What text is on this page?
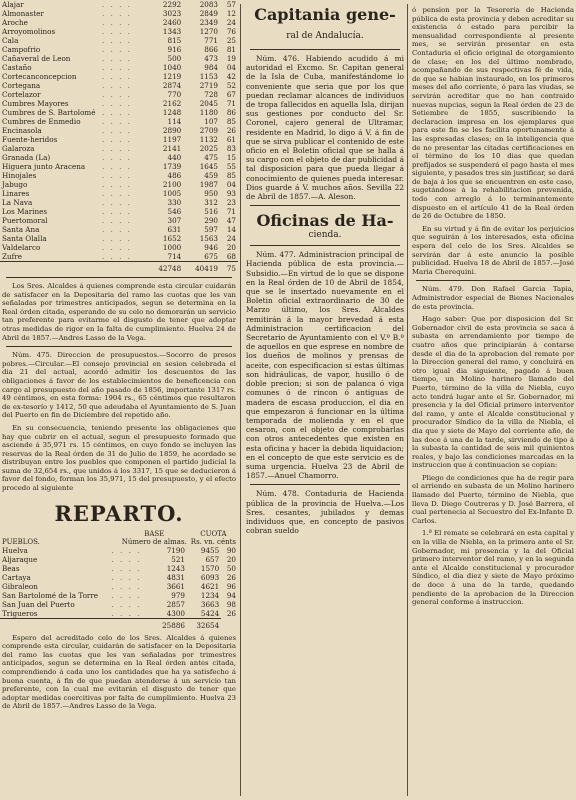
Alajar	. . . .	2292	2083	57
Almonaster	. . . .	3023	2849	12
Aroche	. . . .	2460	2349	24
Arroyomolinos	. . . .	1343	1270	76
Cala	. . . .	815	771	25
Campofrio	. . . .	916	866	81
Cañaveral de Leon	. . . .	500	473	19
Castaño	. . . .	1040	984	04
Cortecanconcepcion	. . . .	1219	1153	42
Cortegana	. . . .	2874	2719	52
Cortelazor	. . . .	770	728	67
Cumbres Mayores	. . . .	2162	2045	71
Cumbres de S. Bartolomé	. . . .	1248	1180	86
Cumbres de Enmedio	. . . .	114	107	85
Encinasola	. . . .	2890	2709	26
Fuente-heridos	. . . .	1197	1132	61
Galaroza	. . . .	2141	2025	83
Granada (La)	. . . .	440	475	15
Higuera junto Aracena	. . . .	1739	1645	55
Hinojales	. . . .	486	459	85
Jabugo	. . . .	2100	1987	04
Linares	. . . .	1005	950	93
La Nava	. . . .	330	312	23
Los Marines	. . . .	546	516	71
Puertomoral	. . . .	307	290	47
Santa Ana	. . . .	631	597	14
Santa Olalla	. . . .	1652	1563	24
Valdelarco	. . . .	1000	946	20
Zufre	. . . .	714	675	68
		42748	40419	75

Los Sres. Alcaldes á quienes comprende esta circular cuidarán de satisfacer en la Depositaria del ramo las cuotas que les van señaladas por trimestres anticipados, segun se determina en la Real órden citada, esperando de su celo no demorarán un servicio tan preferente para evitarme el disgusto de tener que adoptar otras medidas de rigor en la falta de cumplimiento. Huelva 24 de Abril de 1857.—Andres Lasso de la Vega.

Núm. 475. Direccion de presupuestos.—Socorro de presos pobres.—Circular.—El consejo provincial en sesion celebrada el dia 21 del actual, acordó admitir los descuentos de las obligaciones á favor de los establecimientos de beneficencia con cargo al presupuesto del año pasado de 1856, importante 1317 rs. 49 céntimos, en esta forma: 1904 rs., 65 céntimos que resultaron de ex-tesorío y 1412, 50 que adeudaba el Ayuntamiento de S. Juan del Puerto en fin de Diciembre del repetido año.

En su consecuencia, teniendo presente las obligaciones que hay que cubrir en el actual, segun el presupuesto formado que asciende á 35,971 rs. 15 céntimos, en cuyo fondo se incluyen las reservas de la Real órden de 31 de Julio de 1859, he acordado se distribuyan entre los pueblos que componen el partido judicial la suma de 32,654 rs., que unidos á los 3317, 15 que se deducieron á favor del fondo, forman los 35,971, 15 del presupuesto, y el efecto procedo al siguiente

REPARTO.
	BASE	CUOTA
PUEBLOS.	Número de almas.	Rs. vn. cénts
Huelva	. . . .	7190	9455	90
Aljaraque	. . . .	521	657	20
Beas	. . . .	1243	1570	50
Cartaya	. . . .	4831	6093	26
Gibraleon	. . . .	3661	4621	96
San Bartolomé de la Torre	. . . .	979	1234	94
San Juan del Puerto	. . . .	2857	3663	98
Trigueros	. . . .	4300	5424	26
		25886	32654	

Espero del acreditado celo de los Sres. Alcaldes á quienes comprende esta circular, cuidarán de satisfacer en la Depositaria del ramo las cuotas que les van señaladas por trimestres anticipados, segun se determina en la Real órden antes citada, comprendiendo á cada uno los cantidades que ha ya satisfecho á buena cuenta, á fin de que puedan atenderse á un servicio tan preferente, con la cual me evitarán el disgusto de tener que adoptar medidas coercitivas por falta de cumplimiento. Huelva 23 de Abril de 1857.—Andres Lasso de la Vega.

Capitania gene-
ral de Andalucía.

Núm. 476. Habiendo acudido á mi autoridad el Excmo. Sr. Capitan general de la Isla de Cuba, manifestándome lo conveniente que seria que por los que puedan reclamar alcances de individuos de tropa fallecidos en aquella Isla, dirijan sus gestiones por conducto del Sr. Coronel, cajero general de Ultramar, residente en Madrid, lo digo á V. á fin de que se sirva publicar el contenido de este oficio en el Boletin oficial que se halla á su cargo con el objeto de dar publicidad á tal disposicion para que pueda llegar á conocimiento de quienes pueda interesar. Dios guarde á V. muchos años. Sevilla 22 de Abril de 1857.—A. Aleson.

Oficinas de Ha-
cienda.

Núm. 477. Administracion principal de Hacienda pública de esta provincia.—Subsidio.—En virtud de lo que se dispone en la Real órden de 10 de Abril de 1854, que se le insertado nuevamente en el Boletin oficial extraordinario de 30 de Marzo último, los Sres. Alcaldes remitirán á la mayor brevedad á esta Administracion certificacion del Secretario de Ayuntamiento con el V.º B.º de aquellos en que esprese en nombre de los dueños de molinos y prensas de aceite, con especificacion si estas últimas son hidráulicas, de vapor, husillo ó de doble precion; si son de palanca ó viga comunes ó de rincon ó antiguas de madera de escasa produccion, el dia en que empezaron á funcionar en la última temporada de molienda y en el que cesaron, con el objeto de comprobarlas con otros antecedentes que existen en esta oficina y hacer la debida liquidacion; en el concepto de que este servicio es de suma urgencia. Huelva 23 de Abril de 1857.—Anuel Chamorro.

Núm. 478. Contaduria de Hacienda pública de la provincia de Huelva.—Los Sres. cesantes, jubilados y demas individuos que, en concepto de pasivos cobran sueldo

ó pension por la Tesoreria de Hacienda pública de esta provincia y deben acreditar su existencia ó estado para percibir la mensualidad correspondiente al presente mes, se servirán presentar en esta Contaduria el oficio original de otorgamiento de clase; en los del último nombrado, acompañando de sus respectivas fé de vida, de que se habian instaurado, en los primeros meses del año corriente, ó para las viudas, se servirán acreditar que no han contraido nuevas nupcias, segun la Real órden de 23 de Setiembre de 1855, suscribiendo la declaracion impresa en los ejemplares que para este fin se les facilita oportunamente á las espresadas clases; en la inteligencia que de no presentar las citadas certificaciones en el término de los 10 dias que quedan prefijados se suspenderá el pago hasta el mes siguiente, y pasados tres sin justificar, se dará de baja á los que se encuentren en este caso, sugetándose á la rehabilitacion prevenida, todo con arreglo á lo terminantemente dispuesto en el artículo 41 de la Real órden de 26 de Octubre de 1850.

En su virtud y á fin de evitar los perjuicios que seguirán á los interesados, esta oficina espera del celo de los Sres. Alcaldes se servirán dar á este anuncio la posible publicidad. Huelva 18 de Abril de 1857.—José Maria Cherequini.

Núm. 479. Don Rafael Garcia Tapia, Administrador especial de Bienes Nacionales de esta provincia.

Hago saber: Que por disposicion del Sr. Gobernador civil de esta provincia se saca á subasta en arrendamiento por tiempo de cuatro años que principiarán á contarse desde el dia de la aprobacion del remate por la Direccion general del ramo, y concluirá en otro igual dia siguiente, pagado á buen tiempo, un Molino harinero llamado del Puerto, término de la villa de Niebla, cuyo acto tendrá lugar ante el Sr. Gobernador, mi presencia y la del Oficial primero interventor del ramo, y ante el Alcalde constitucional y procurador Síndico de la villa de Niebla, el dia que y siete de Mayo del corriente año, de las doce á una de la tarde, sirviendo de tipo á la subasta la cantidad de seis mil quinientos reales, y bajo las condiciones marcadas en la instruccion que á continuacion se copian:

Pliego de condiciones que ha de regir para el arriendo en subasta de un Molino harinero llamado del Puerto, término de Niebla, que lleva D. Diego Coutreras y D. José Barrera, el cual pertenecia al Secuestro del Ex-Infante D. Carlos.

1.ª El remate se celebrará en esta capital y en la villa de Niebla, en la primera ante el Sr. Gobernador, mi presencia y la del Oficial primero interventor del ramo, y en la segunda ante el Alcalde constitucional y procurador Síndico, el dia diez y siete de Mayo próximo de doce á una de la tarde, quedando pendiente de la aprobacion de la Direccion general conforme á instruccion.
